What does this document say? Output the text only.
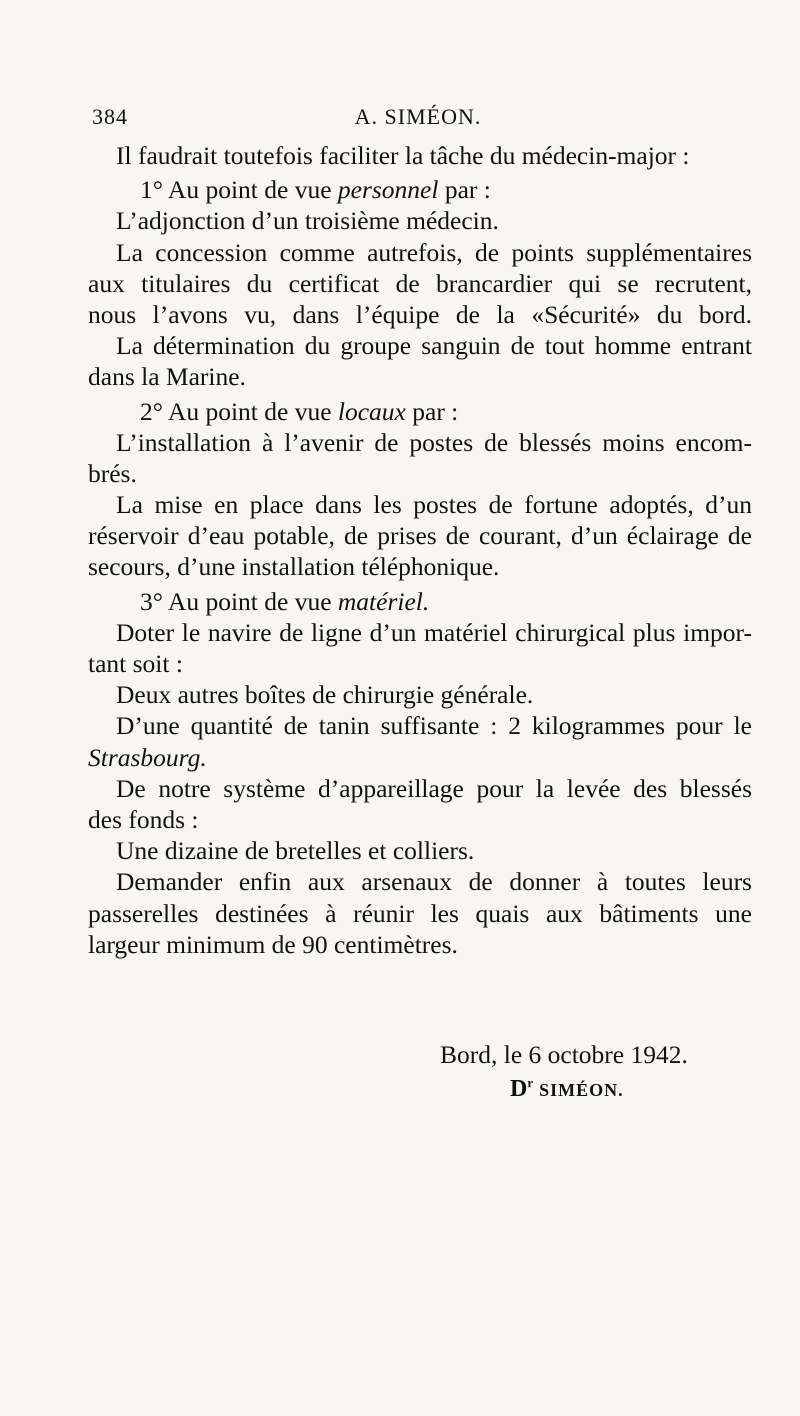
384	A. SIMÉON.
Il faudrait toutefois faciliter la tâche du médecin-major :
1° Au point de vue personnel par :
L’adjonction d’un troisième médecin.
La concession comme autrefois, de points supplémentaires
aux titulaires du certificat de brancardier qui se recrutent,
nous l’avons vu, dans l’équipe de la «Sécurité» du bord.
La détermination du groupe sanguin de tout homme entrant
dans la Marine.
2° Au point de vue locaux par :
L’installation à l’avenir de postes de blessés moins encom-
brés.
La mise en place dans les postes de fortune adoptés, d’un
réservoir d’eau potable, de prises de courant, d’un éclairage de
secours, d’une installation téléphonique.
3° Au point de vue matériel.
Doter le navire de ligne d’un matériel chirurgical plus impor-
tant soit :
Deux autres boîtes de chirurgie générale.
D’une quantité de tanin suffisante : 2 kilogrammes pour le
Strasbourg.
De notre système d’appareillage pour la levée des blessés
des fonds :
Une dizaine de bretelles et colliers.
Demander enfin aux arsenaux de donner à toutes leurs
passerelles destinées à réunir les quais aux bâtiments une
largeur minimum de 90 centimètres.
Bord, le 6 octobre 1942.
$D^r$ SIMÉON.
